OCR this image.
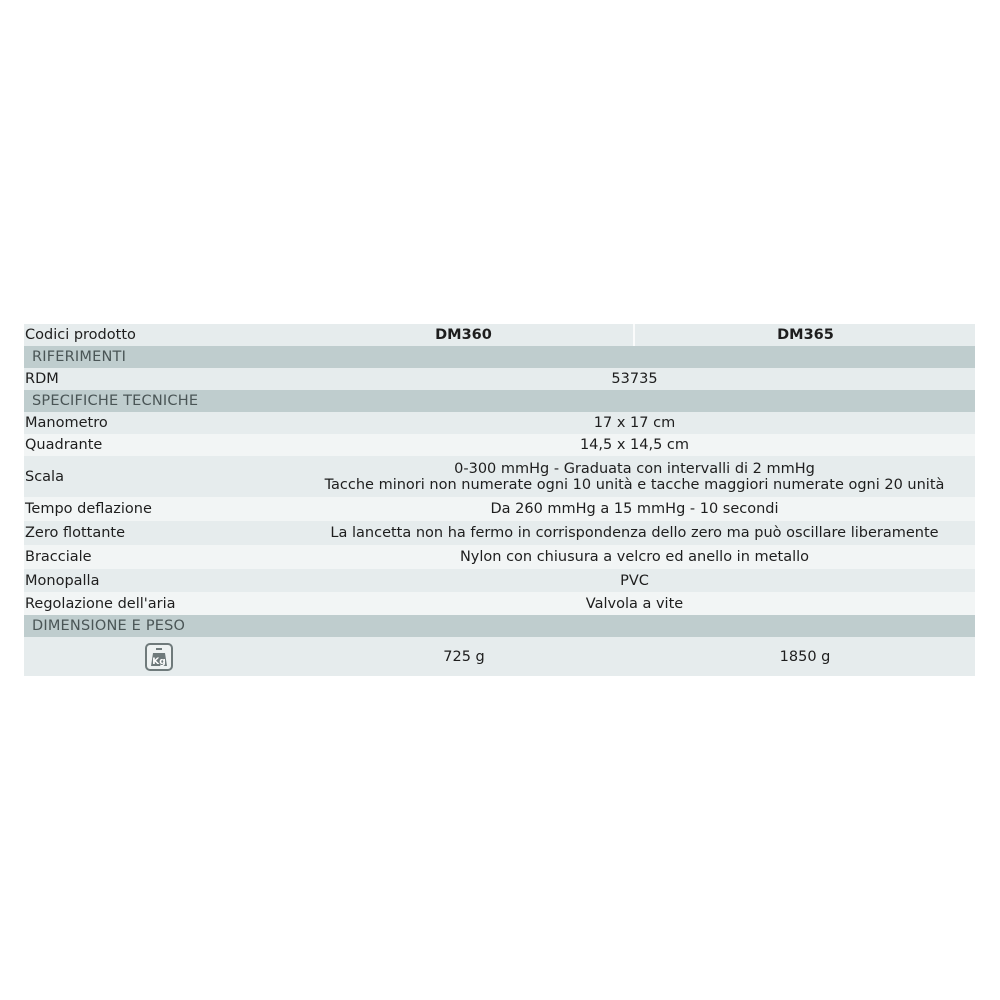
Codici prodotto	DM360	DM365
RIFERIMENTI		
RDM	53735	
SPECIFICHE TECNICHE		
Manometro	17 x 17 cm	
Quadrante	14,5 x 14,5 cm	
Scala	0-300 mmHg - Graduata con intervalli di 2 mmHg
Tacche minori non numerate ogni 10 unità e tacche maggiori numerate ogni 20 unità	

Tempo deflazione	Da 260 mmHg a 15 mmHg - 10 secondi	
Zero flottante	La lancetta non ha fermo in corrispondenza dello zero ma può oscillare liberamente	
Bracciale	Nylon con chiusura a velcro ed anello in metallo	
Monopalla	PVC	
Regolazione dell'aria	Valvola a vite	
DIMENSIONE E PESO		

Kg	725 g	1850 g
